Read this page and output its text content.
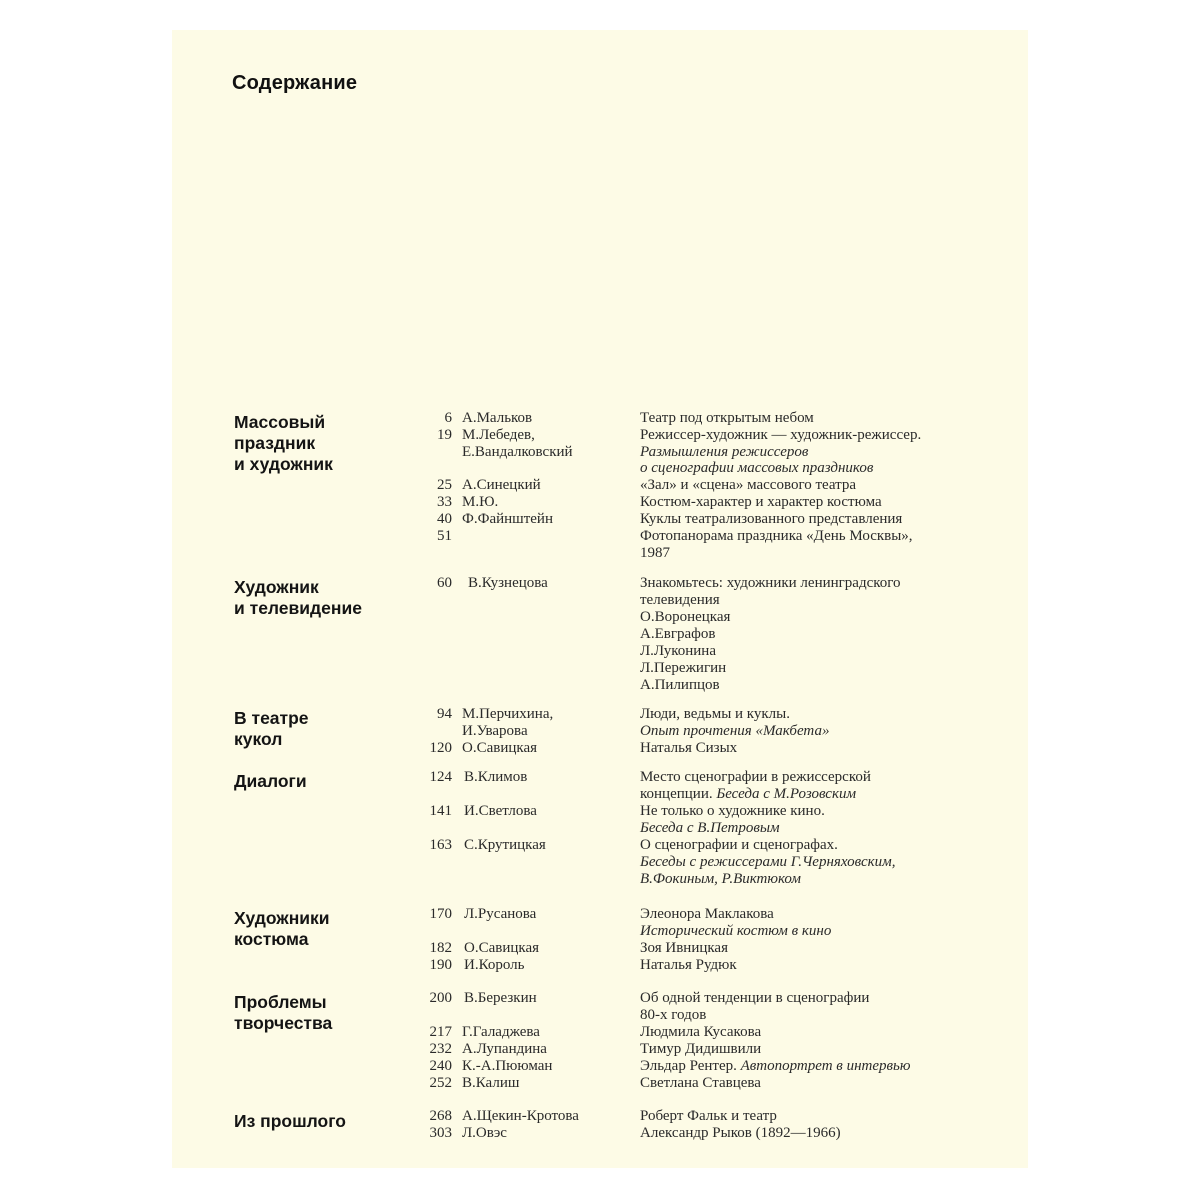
Содержание
Массовый
праздник
и художник
Художник
и телевидение
В театре
кукол
Диалоги
Художники
костюма
Проблемы
творчества
Из прошлого
6
19
25
33
40
51
60
94
120
124
141
163
170
182
190
200
217
232
240
252
268
303
А.Мальков
М.Лебедев,
Е.Вандалковский
А.Синецкий
М.Ю.
Ф.Файнштейн
В.Кузнецова
М.Перчихина,
И.Уварова
О.Савицкая
В.Климов
И.Светлова
С.Крутицкая
Л.Русанова
О.Савицкая
И.Король
В.Березкин
Г.Галаджева
А.Лупандина
К.-А.Пююман
В.Калиш
А.Щекин-Кротова
Л.Овэс
Театр под открытым небом
Режиссер-художник — художник-режиссер.
Размышления режиссеров
о сценографии массовых праздников
«Зал» и «сцена» массового театра
Костюм-характер и характер костюма
Куклы театрализованного представления
Фотопанорама праздника «День Москвы»,
1987
Знакомьтесь: художники ленинградского
телевидения
О.Воронецкая
А.Евграфов
Л.Луконина
Л.Пережигин
А.Пилипцов
Люди, ведьмы и куклы.
Опыт прочтения «Макбета»
Наталья Сизых
Место сценографии в режиссерской
концепции. Беседа с М.Розовским
Не только о художнике кино.
Беседа с В.Петровым
О сценографии и сценографах.
Беседы с режиссерами Г.Черняховским,
В.Фокиным, Р.Виктюком
Элеонора Маклакова
Исторический костюм в кино
Зоя Ивницкая
Наталья Рудюк
Об одной тенденции в сценографии
80-х годов
Людмила Кусакова
Тимур Дидишвили
Эльдар Рентер. Автопортрет в интервью
Светлана Ставцева
Роберт Фальк и театр
Александр Рыков (1892—1966)
